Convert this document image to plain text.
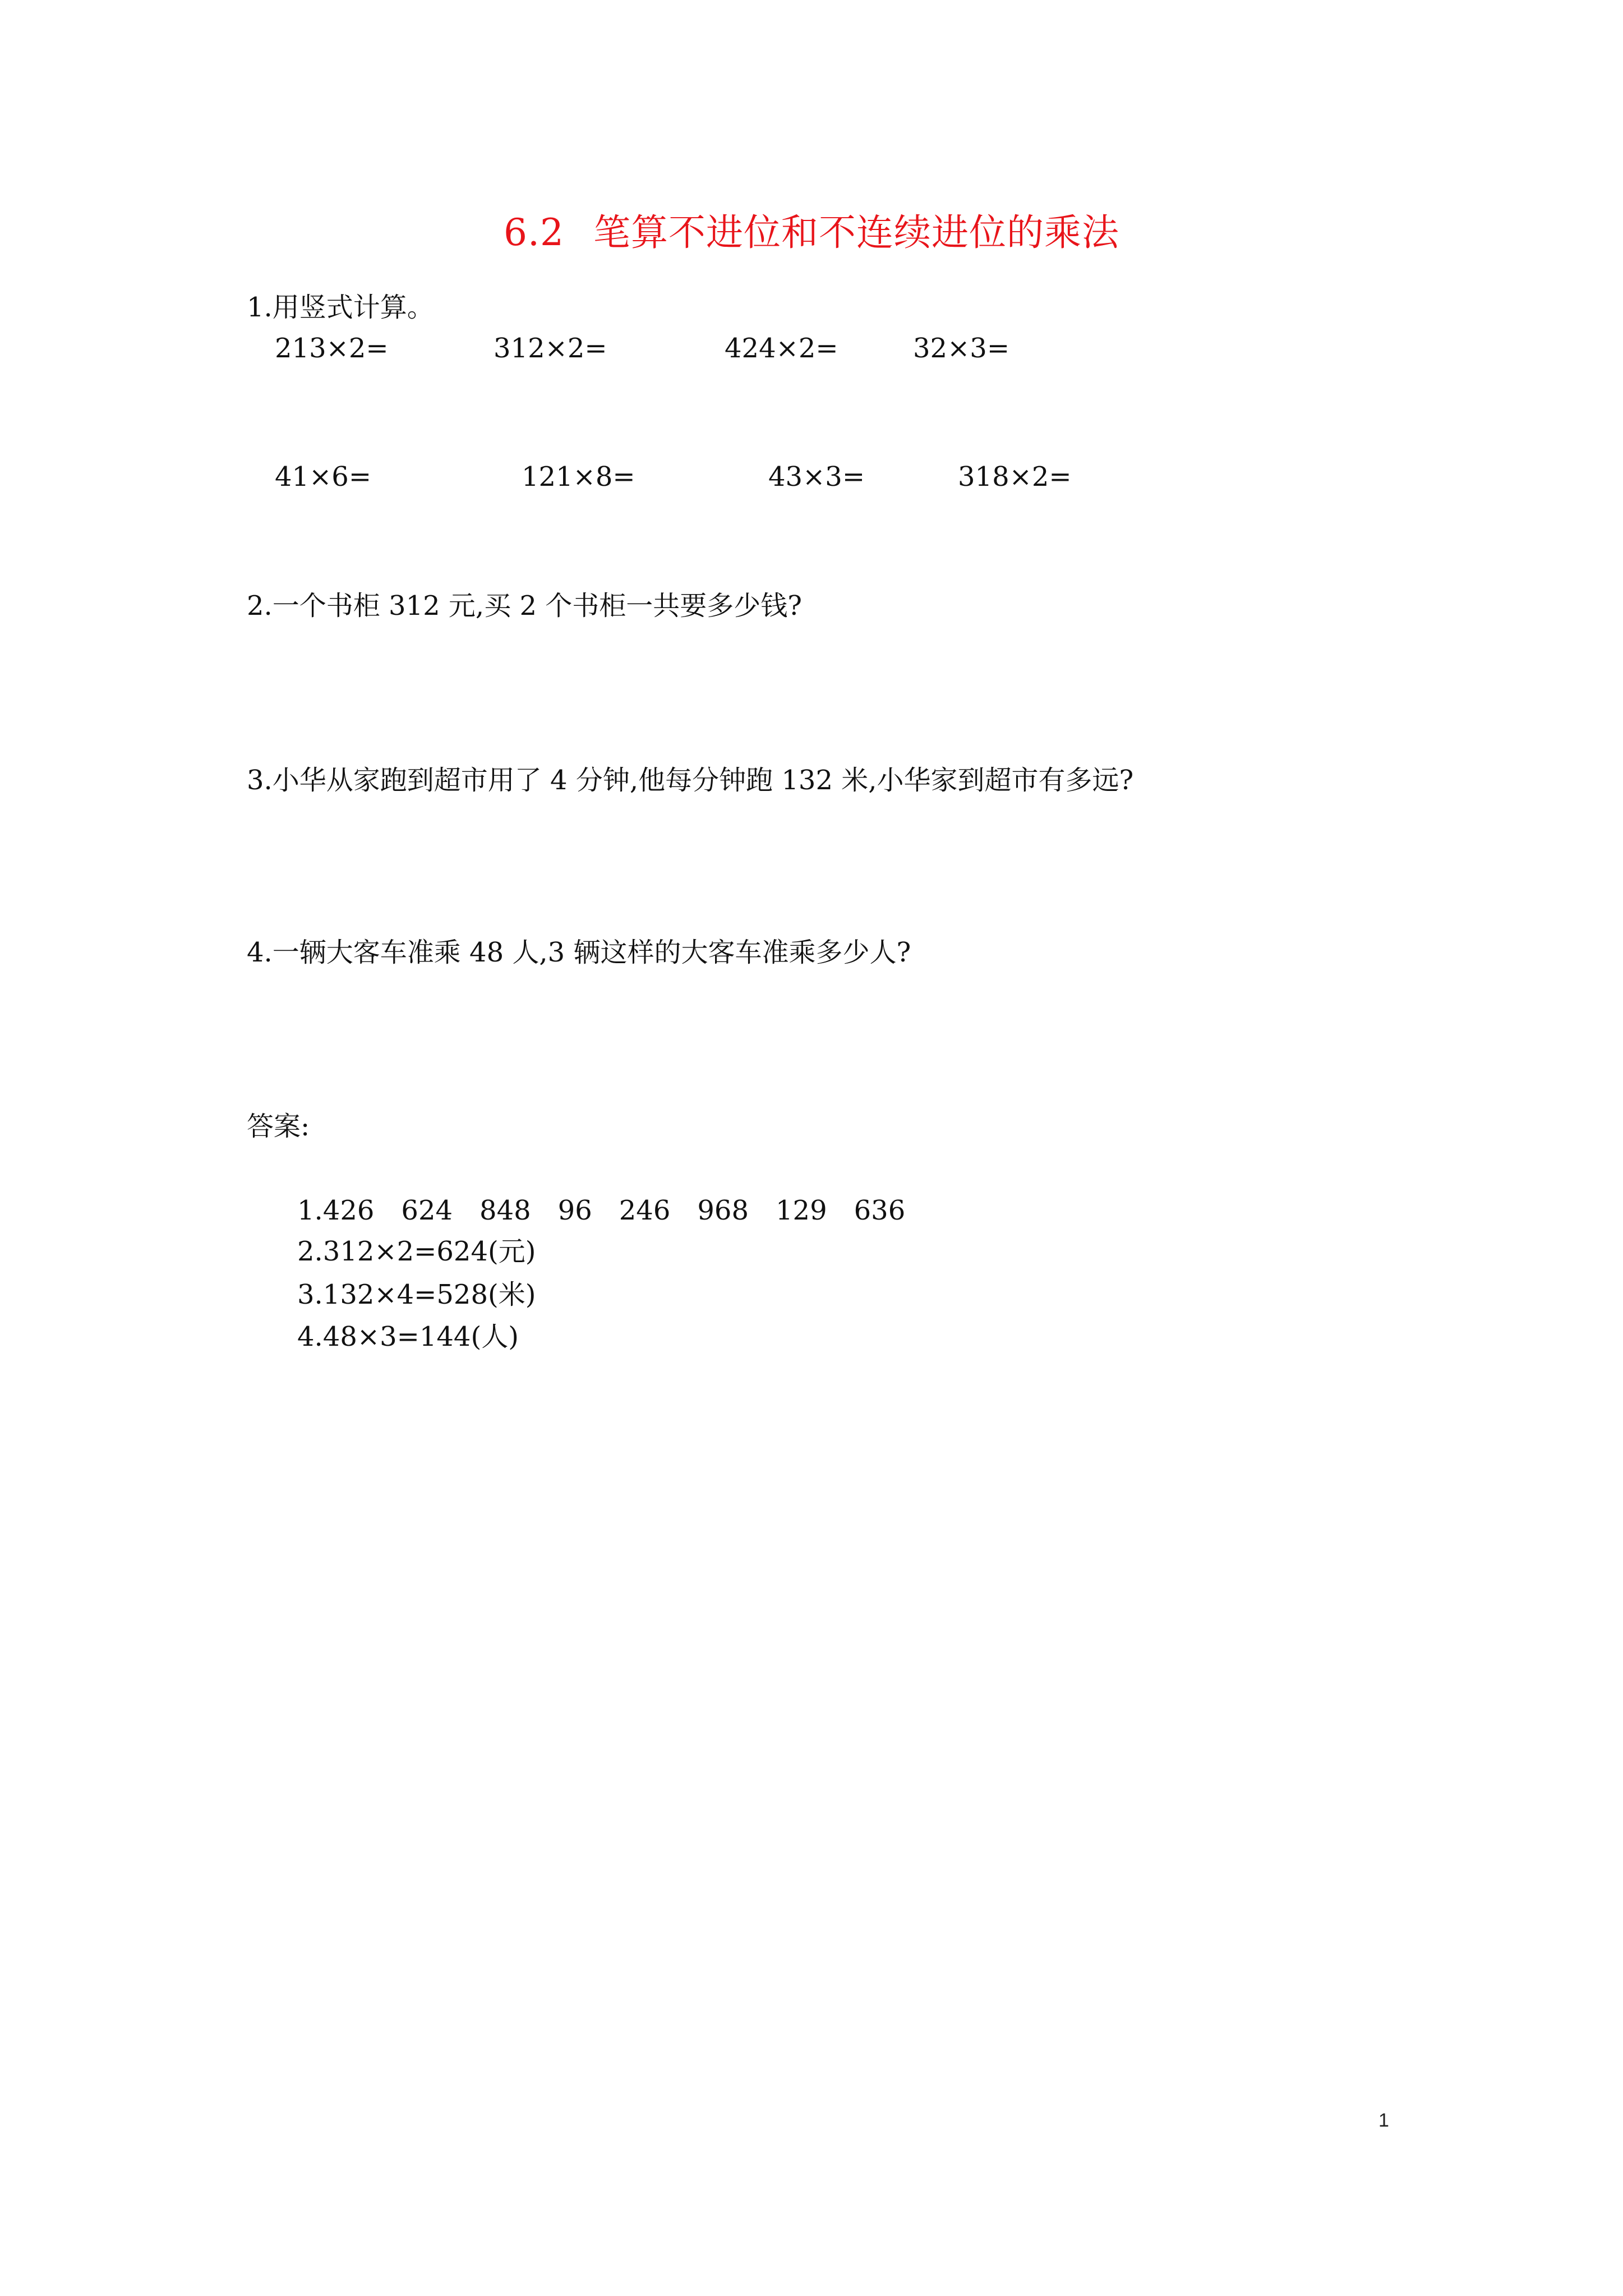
6.2 笔算不进位和不连续进位的乘法
1.用竖式计算。
213×2=	312×2=	424×2=	32×3=
41×6=	121×8=	43×3=	318×2=
2.一个书柜 312 元,买 2 个书柜一共要多少钱?
3.小华从家跑到超市用了 4 分钟,他每分钟跑 132 米,小华家到超市有多远?
4.一辆大客车准乘 48 人,3 辆这样的大客车准乘多少人?
答案:
1.426 624 848 96 246 968 129 636
2.312×2=624(元)
3.132×4=528(米)
4.48×3=144(人)
1
